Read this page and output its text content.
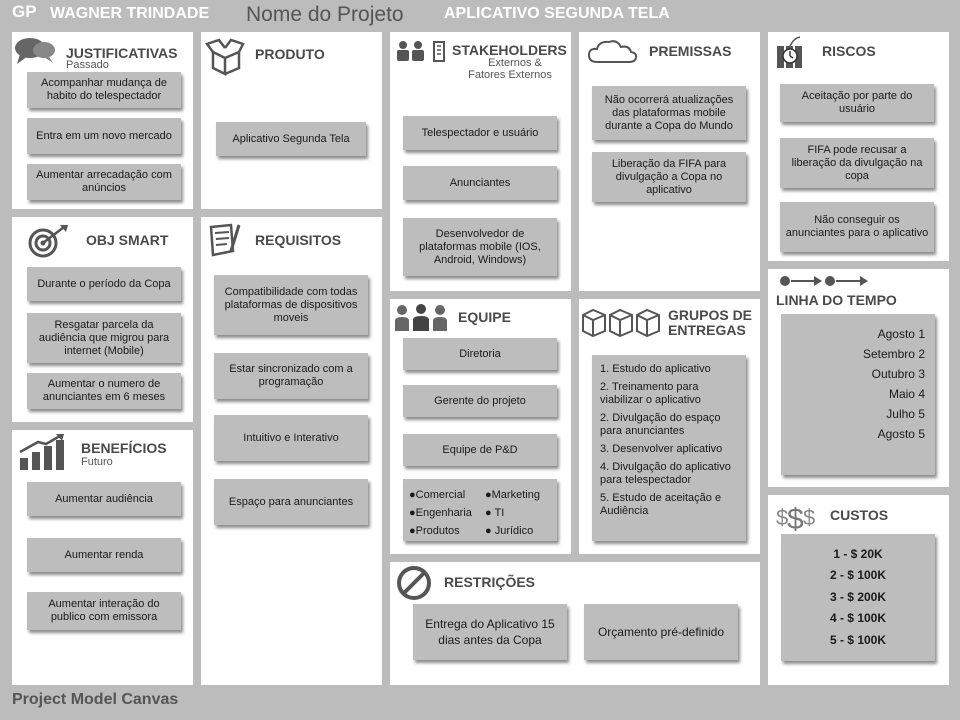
GP WAGNER TRINDADE Nome do Projeto	APLICATIVO SEGUNDA TELA
JUSTIFICATIVAS
Passado
Acompanhar mudança de habito do telespectador
Entra em um novo mercado
Aumentar arrecadação com anúncios
PRODUTO
Aplicativo Segunda Tela
STAKEHOLDERS
Externos &
Fatores Externos
Telespectador e usuário
Anunciantes
Desenvolvedor de plataformas mobile (IOS, Android, Windows)
PREMISSAS
Não ocorrerá atualizações das plataformas mobile durante a Copa do Mundo
Liberação da FIFA para divulgação a Copa no aplicativo
RISCOS
Aceitação por parte do usuário
FIFA pode recusar a liberação da divulgação na copa
Não conseguir os anunciantes para o aplicativo
OBJ SMART
Durante o período da Copa
Resgatar parcela da audiência que migrou para internet (Mobile)
Aumentar o numero de anunciantes em 6 meses
REQUISITOS
Compatibilidade com todas plataformas de dispositivos moveis
Estar sincronizado com a programação
Intuitivo e Interativo
Espaço para anunciantes
EQUIPE
Diretoria
Gerente do projeto
Equipe de P&D
●Comercial
●Engenharia
●Produtos
●Marketing
● TI
● Jurídico
GRUPOS DE
ENTREGAS
1. Estudo do aplicativo
2. Treinamento para viabilizar o aplicativo
2. Divulgação do espaço para anunciantes
3. Desenvolver aplicativo
4. Divulgação do aplicativo para telespectador
5. Estudo de aceitação e Audiência
LINHA DO TEMPO
Agosto 1
Setembro 2
Outubro 3
Maio 4
Julho 5
Agosto 5
BENEFÍCIOS
Futuro
Aumentar audiência
Aumentar renda
Aumentar interação do publico com emissora
RESTRIÇÕES
Entrega do Aplicativo 15 dias antes da Copa
Orçamento pré-definido
$
$ $ CUSTOS
1 - $ 20K
2 - $ 100K
3 - $ 200K
4 - $ 100K
5 - $ 100K
Project Model Canvas
